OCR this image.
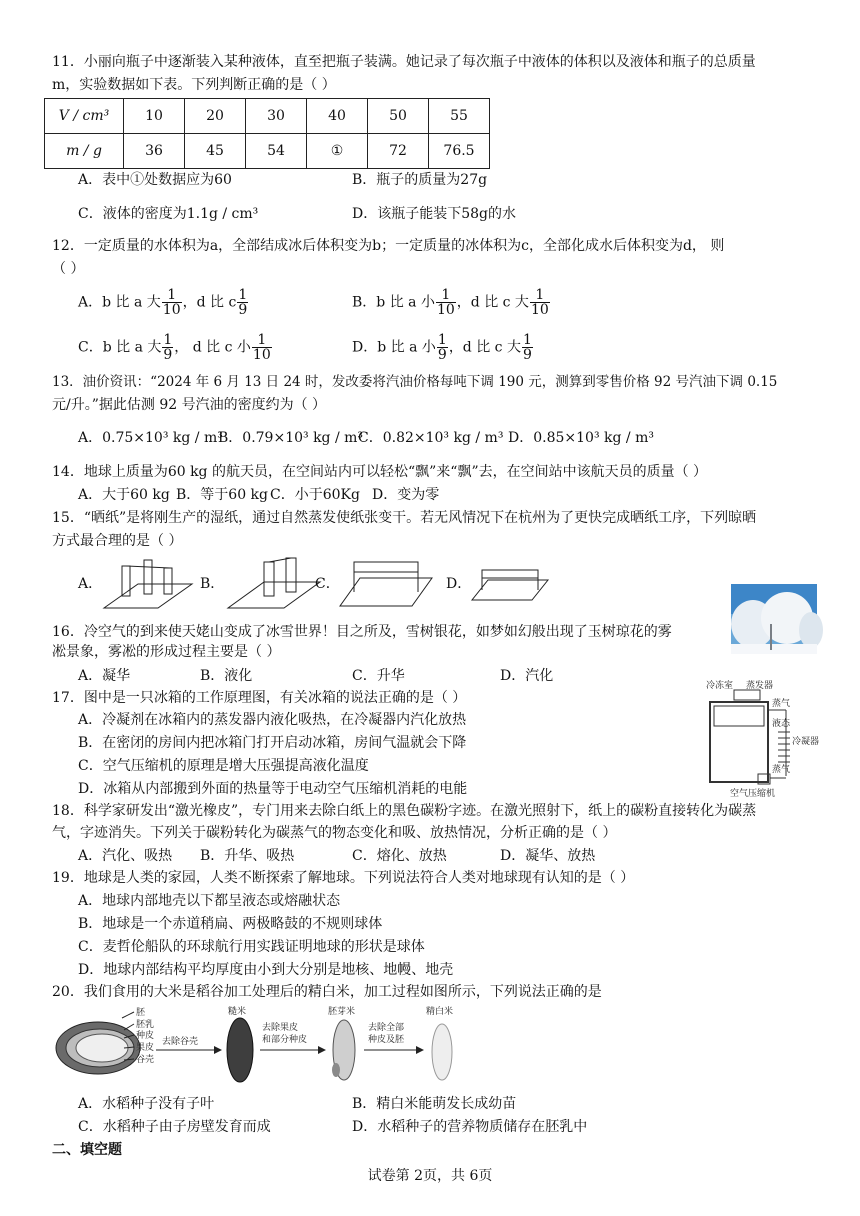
11．小丽向瓶子中逐渐装入某种液体，直至把瓶子装满。她记录了每次瓶子中液体的体积以及液体和瓶子的总质量
m，实验数据如下表。下列判断正确的是（ ）
V / cm³	10	20	30	40	50	55
m / g	36	45	54	①	72	76.5
A．表中①处数据应为60	B．瓶子的质量为27g
C．液体的密度为1.1g / cm³	D．该瓶子能装下58g的水
12．一定质量的水体积为a，全部结成冰后体积变为b；一定质量的冰体积为c，全部化成水后体积变为d， 则
（ ）
A．b 比 a 大 $\frac{1}{10}$ ，d 比 c $\frac{1}{9}$	B．b 比 a 小 $\frac{1}{10}$ ，d 比 c 大 $\frac{1}{10}$
C．b 比 a 大 $\frac{1}{9}$ ， d 比 c 小 $\frac{1}{10}$	D．b 比 a 小 $\frac{1}{9}$ ，d 比 c 大 $\frac{1}{9}$
13．油价资讯：“2024 年 6 月 13 日 24 时，发改委将汽油价格每吨下调 190 元，测算到零售价格 92 号汽油下调 0.15
元/升。”据此估测 92 号汽油的密度约为（ ）
A．0.75×10³ kg / m³
B．0.79×10³ kg / m³
C．0.82×10³ kg / m³ D．0.85×10³ kg / m³
14．地球上质量为60 kg 的航天员，在空间站内可以轻松“飘”来“飘”去，在空间站中该航天员的质量（ ）
A．大于60 kg B．等于60 kg C．小于60Kg D．变为零
15．“晒纸”是将刚生产的湿纸，通过自然蒸发使纸张变干。若无风情况下在杭州为了更快完成晒纸工序，下列晾晒
方式最合理的是（ ）
A．	B．	C．	D．
16．冷空气的到来使天姥山变成了冰雪世界！目之所及，雪树银花，如梦如幻般出现了玉树琼花的雾
凇景象，雾凇的形成过程主要是（ ）
A．凝华	B．液化	C．升华	D．汽化
17．图中是一只冰箱的工作原理图，有关冰箱的说法正确的是（ ）
A．冷凝剂在冰箱内的蒸发器内液化吸热，在冷凝器内汽化放热
B．在密闭的房间内把冰箱门打开启动冰箱，房间气温就会下降
C．空气压缩机的原理是增大压强提高液化温度
D．冰箱从内部搬到外面的热量等于电动空气压缩机消耗的电能
冷冻室 蒸发器
蒸气
液态
冷凝器
蒸气
空气压缩机
18．科学家研发出“激光橡皮”，专门用来去除白纸上的黑色碳粉字迹。在激光照射下，纸上的碳粉直接转化为碳蒸
气，字迹消失。下列关于碳粉转化为碳蒸气的物态变化和吸、放热情况，分析正确的是（ ）
A．汽化、吸热 B．升华、吸热	C．熔化、放热	D．凝华、放热
19．地球是人类的家园，人类不断探索了解地球。下列说法符合人类对地球现有认知的是（ ）
A．地球内部地壳以下都呈液态或熔融状态
B．地球是一个赤道稍扁、两极略鼓的不规则球体
C．麦哲伦船队的环球航行用实践证明地球的形状是球体
D．地球内部结构平均厚度由小到大分别是地核、地幔、地壳
20．我们食用的大米是稻谷加工处理后的精白米，加工过程如图所示，下列说法正确的是
胚
胚乳
种皮
果皮
谷壳
去除谷壳
糙米
去除果皮
和部分种皮
胚芽米
去除全部
种皮及胚
精白米
A．水稻种子没有子叶	B．精白米能萌发长成幼苗
C．水稻种子由子房壁发育而成	D．水稻种子的营养物质储存在胚乳中
二、填空题
试卷第 2页，共 6页
